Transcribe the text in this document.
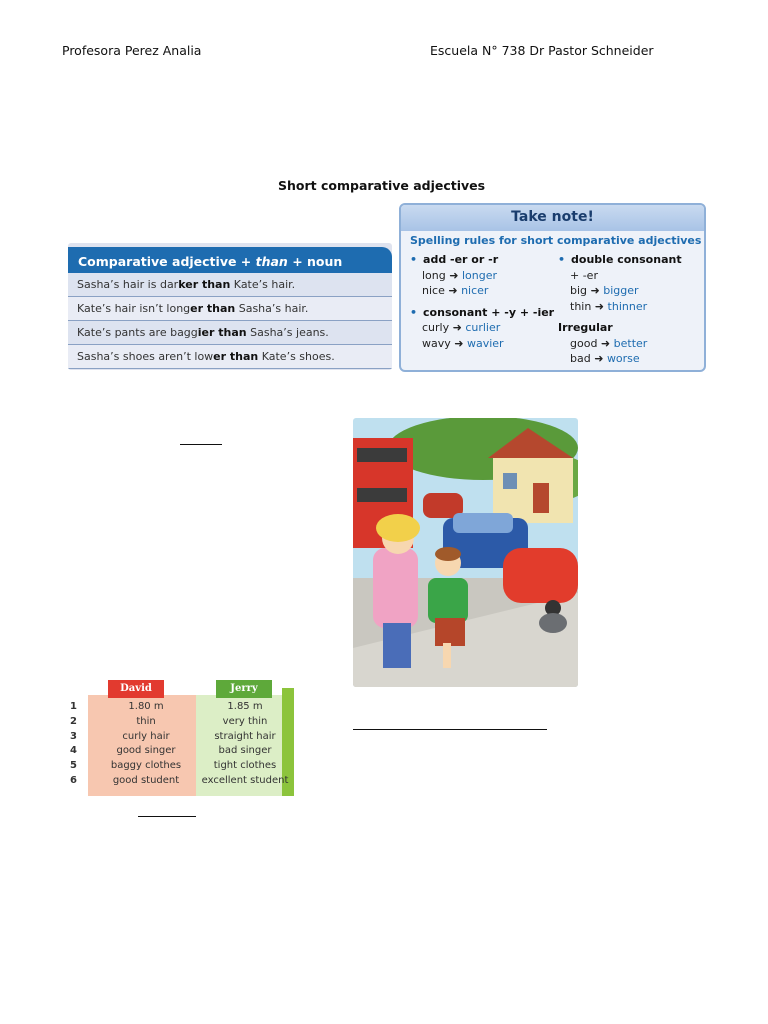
Profesora Perez Analia	Escuela N° 738 Dr Pastor Schneider
Short comparative adjectives
Comparative adjective + than + noun
Sasha’s hair is darker than Kate’s hair.
Kate’s hair isn’t longer than Sasha’s hair.
Kate’s pants are baggier than Sasha’s jeans.
Sasha’s shoes aren’t lower than Kate’s shoes.
Take note!
Spelling rules for short comparative adjectives
• add -er or -r
long ➜ longer
nice ➜ nicer
• consonant + -y + -ier
curly ➜ curlier
wavy ➜ wavier
• double consonant
+ -er
big ➜ bigger
thin ➜ thinner
Irregular
good ➜ better
bad ➜ worse
David	Jerry
1
2
3
4
5
6
1.80 m
thin
curly hair
good singer
baggy clothes
good student
1.85 m
very thin
straight hair
bad singer
tight clothes
excellent student
